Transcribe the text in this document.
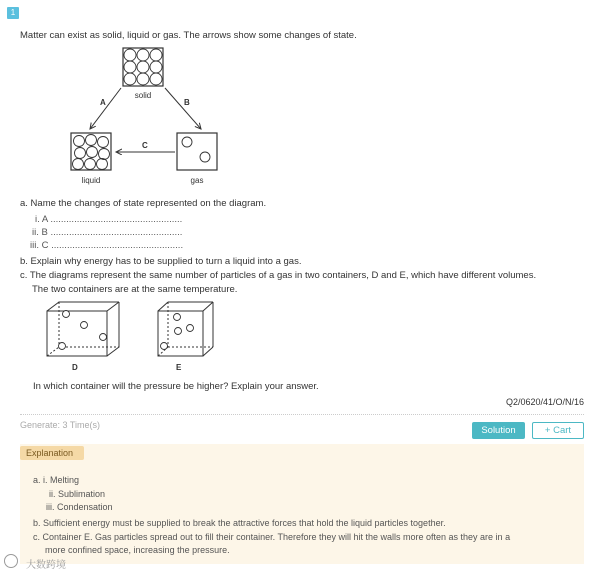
1
Matter can exist as solid, liquid or gas. The arrows show some changes of state.
solid
liquid	gas
A	B
C
a. Name the changes of state represented on the diagram.
i. A ..................................................
ii. B ..................................................
iii. C ..................................................
b. Explain why energy has to be supplied to turn a liquid into a gas.
c. The diagrams represent the same number of particles of a gas in two containers, D and E, which have different volumes.
The two containers are at the same temperature.
D	E
In which container will the pressure be higher? Explain your answer.
Q2/0620/41/O/N/16
Generate: 3 Time(s)	Solution	+ Cart
Explanation
a. i. Melting
ii. Sublimation
iii. Condensation
b. Sufficient energy must be supplied to break the attractive forces that hold the liquid particles together.
c. Container E. Gas particles spread out to fill their container. Therefore they will hit the walls more often as they are in a
more confined space, increasing the pressure.
大数跨境
